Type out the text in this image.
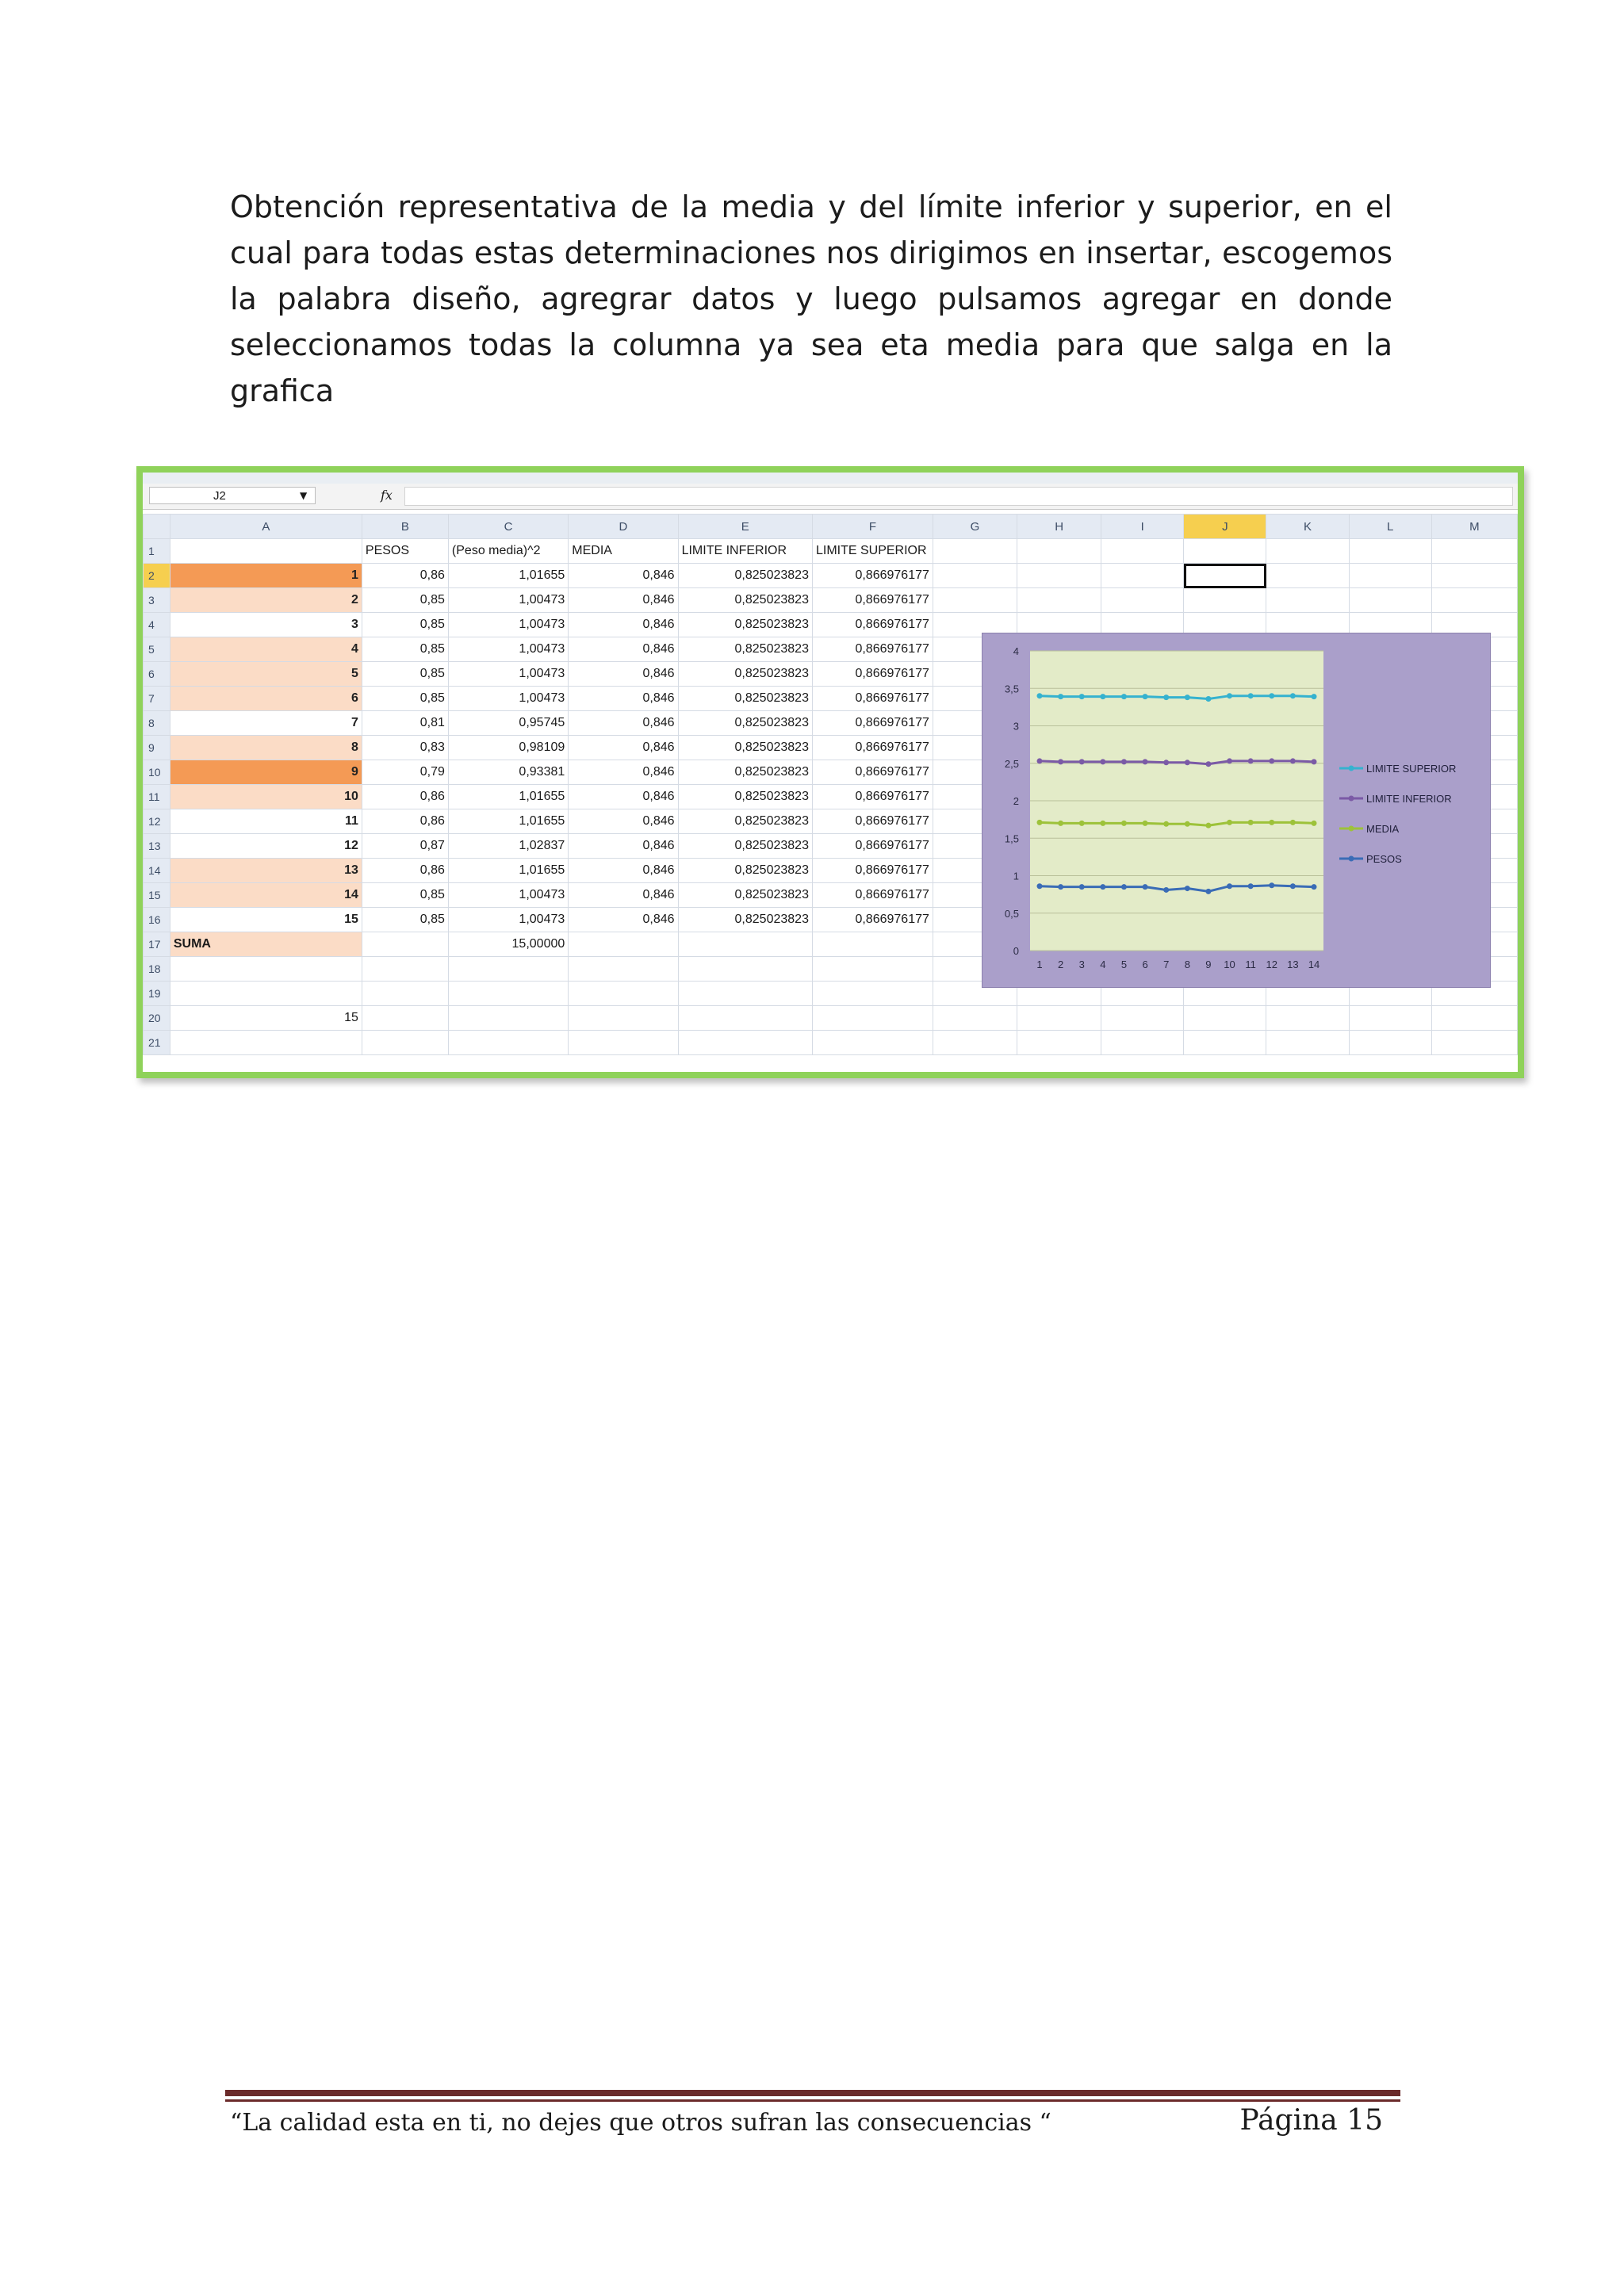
Obtención representativa de la media y del límite inferior y superior, en el cual para todas estas determinaciones nos dirigimos en insertar, escogemos la palabra diseño, agregrar datos y luego pulsamos agregar en donde seleccionamos todas la columna ya sea eta media para que salga en la grafica
J2	▼	fx
	A	B	C	D	E	F	G	H	I	J	K	L	M
1		PESOS	(Peso media)^2	MEDIA	LIMITE INFERIOR	LIMITE SUPERIOR							
2	1	0,86	1,01655	0,846	0,825023823	0,866976177							
3	2	0,85	1,00473	0,846	0,825023823	0,866976177							
4	3	0,85	1,00473	0,846	0,825023823	0,866976177							
5	4	0,85	1,00473	0,846	0,825023823	0,866976177							
6	5	0,85	1,00473	0,846	0,825023823	0,866976177							
7	6	0,85	1,00473	0,846	0,825023823	0,866976177							
8	7	0,81	0,95745	0,846	0,825023823	0,866976177							
9	8	0,83	0,98109	0,846	0,825023823	0,866976177							
10	9	0,79	0,93381	0,846	0,825023823	0,866976177							
11	10	0,86	1,01655	0,846	0,825023823	0,866976177							
12	11	0,86	1,01655	0,846	0,825023823	0,866976177							
13	12	0,87	1,02837	0,846	0,825023823	0,866976177							
14	13	0,86	1,01655	0,846	0,825023823	0,866976177							
15	14	0,85	1,00473	0,846	0,825023823	0,866976177							
16	15	0,85	1,00473	0,846	0,825023823	0,866976177							
17	SUMA		15,00000										
18													
19													
20	15												
21													
0
0,5
1
1,5
2
2,5
3
3,5
4
1 2 3 4 5 6 7 8 9 10 11 12 13 14
LIMITE SUPERIOR
LIMITE INFERIOR
MEDIA
PESOS
“La calidad esta en ti, no dejes que otros sufran las consecuencias “	Página 15
